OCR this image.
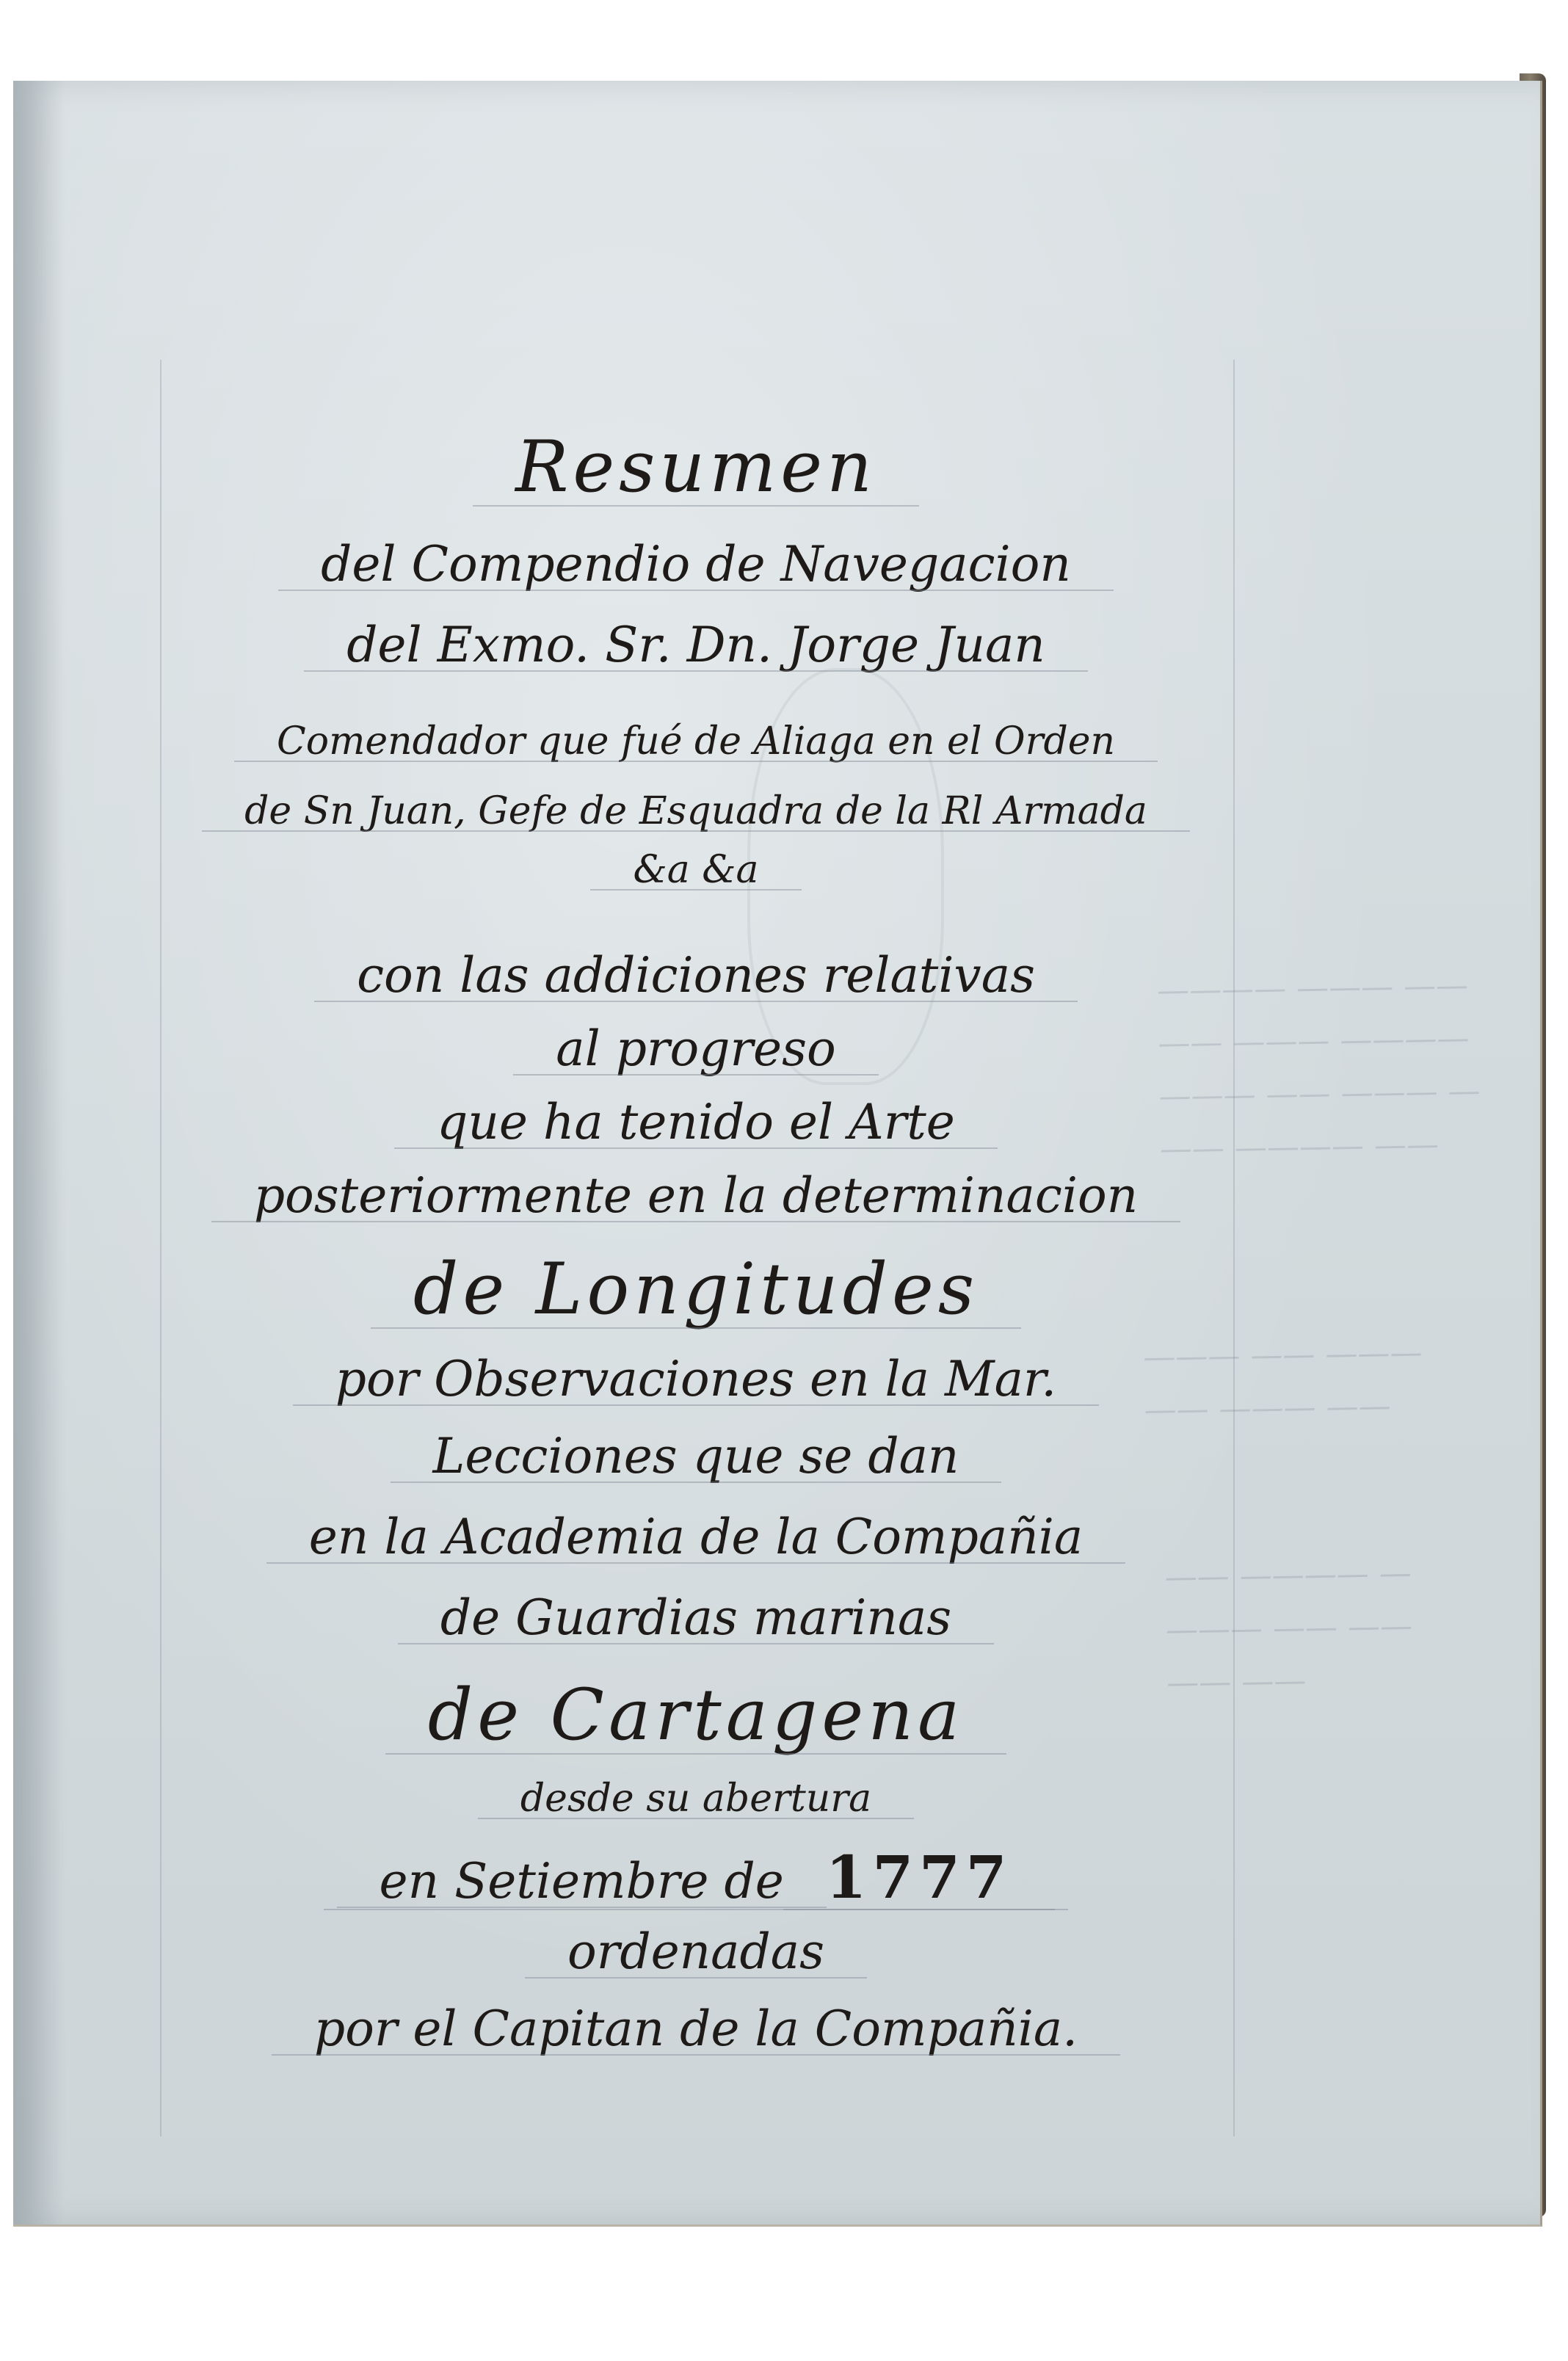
———— ——— ——
—— ——— ————
——— —— ——— —
—— ———— ——
——— —— ———
—— ——— ——
—— ———— —
——— —— ——
—— ——
Resumen
del Compendio de Navegacion
del Exmo. Sr. Dn. Jorge Juan
Comendador que fué de Aliaga en el Orden
de Sn Juan, Gefe de Esquadra de la Rl Armada
&a &a
con las addiciones relativas
al progreso
que ha tenido el Arte
posteriormente en la determinacion
de Longitudes
por Observaciones en la Mar.
Lecciones que se dan
en la Academia de la Compañia
de Guardias marinas
de Cartagena
desde su abertura
en Setiembre de 1777
ordenadas
por el Capitan de la Compañia.
